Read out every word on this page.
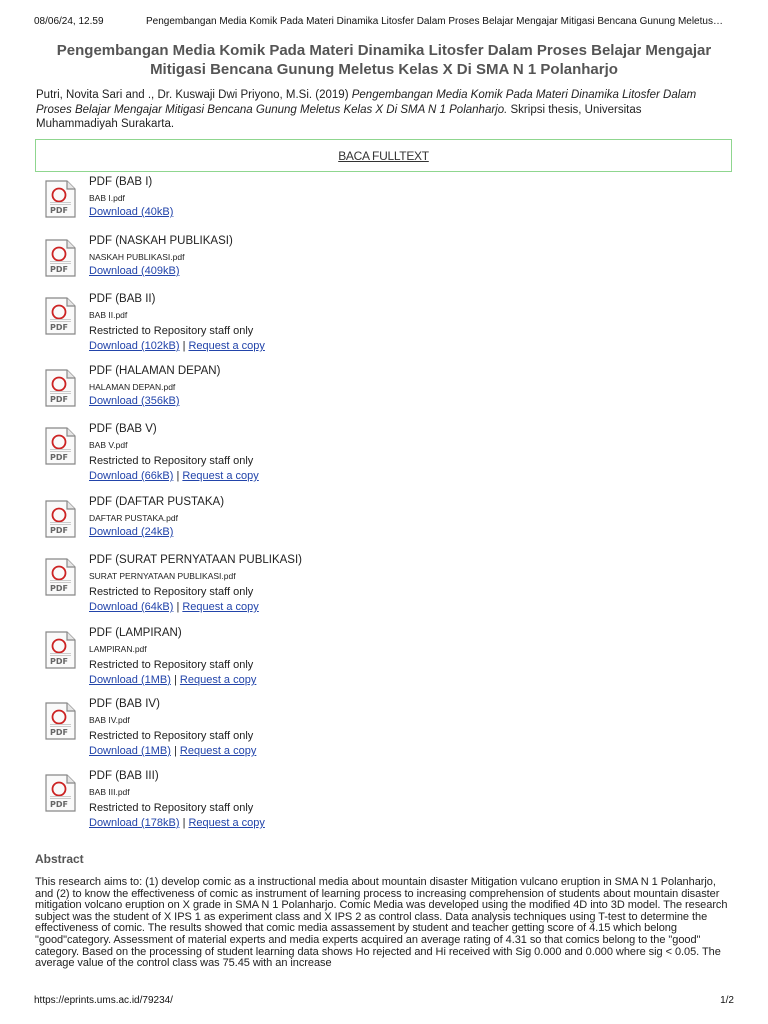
08/06/24, 12.59	Pengembangan Media Komik Pada Materi Dinamika Litosfer Dalam Proses Belajar Mengajar Mitigasi Bencana Gunung Meletus…
Pengembangan Media Komik Pada Materi Dinamika Litosfer Dalam Proses Belajar Mengajar Mitigasi Bencana Gunung Meletus Kelas X Di SMA N 1 Polanharjo
Putri, Novita Sari and ., Dr. Kuswaji Dwi Priyono, M.Si. (2019) Pengembangan Media Komik Pada Materi Dinamika Litosfer Dalam Proses Belajar Mengajar Mitigasi Bencana Gunung Meletus Kelas X Di SMA N 1 Polanharjo. Skripsi thesis, Universitas Muhammadiyah Surakarta.
BACA FULLTEXT
PDF
PDF (BAB I)
BAB I.pdf
Download (40kB)
PDF
PDF (NASKAH PUBLIKASI)
NASKAH PUBLIKASI.pdf
Download (409kB)
PDF
PDF (BAB II)
BAB II.pdf
Restricted to Repository staff only
Download (102kB) | Request a copy
PDF
PDF (HALAMAN DEPAN)
HALAMAN DEPAN.pdf
Download (356kB)
PDF
PDF (BAB V)
BAB V.pdf
Restricted to Repository staff only
Download (66kB) | Request a copy
PDF
PDF (DAFTAR PUSTAKA)
DAFTAR PUSTAKA.pdf
Download (24kB)
PDF
PDF (SURAT PERNYATAAN PUBLIKASI)
SURAT PERNYATAAN PUBLIKASI.pdf
Restricted to Repository staff only
Download (64kB) | Request a copy
PDF
PDF (LAMPIRAN)
LAMPIRAN.pdf
Restricted to Repository staff only
Download (1MB) | Request a copy
PDF
PDF (BAB IV)
BAB IV.pdf
Restricted to Repository staff only
Download (1MB) | Request a copy
PDF
PDF (BAB III)
BAB III.pdf
Restricted to Repository staff only
Download (178kB) | Request a copy
Abstract
This research aims to: (1) develop comic as a instructional media about mountain disaster Mitigation vulcano eruption in SMA N 1 Polanharjo, and (2) to know the effectiveness of comic as instrument of learning process to increasing comprehension of students about mountain disaster mitigation volcano eruption on X grade in SMA N 1 Polanharjo. Comic Media was developed using the modified 4D into 3D model. The research subject was the student of X IPS 1 as experiment class and X IPS 2 as control class. Data analysis techniques using T-test to determine the effectiveness of comic. The results showed that comic media assassement by student and teacher getting score of 4.15 which belong "good"category. Assessment of material experts and media experts acquired an average rating of 4.31 so that comics belong to the "good" category. Based on the processing of student learning data shows Ho rejected and Hi received with Sig 0.000 and 0.000 where sig < 0.05. The average value of the control class was 75.45 with an increase
https://eprints.ums.ac.id/79234/	1/2
